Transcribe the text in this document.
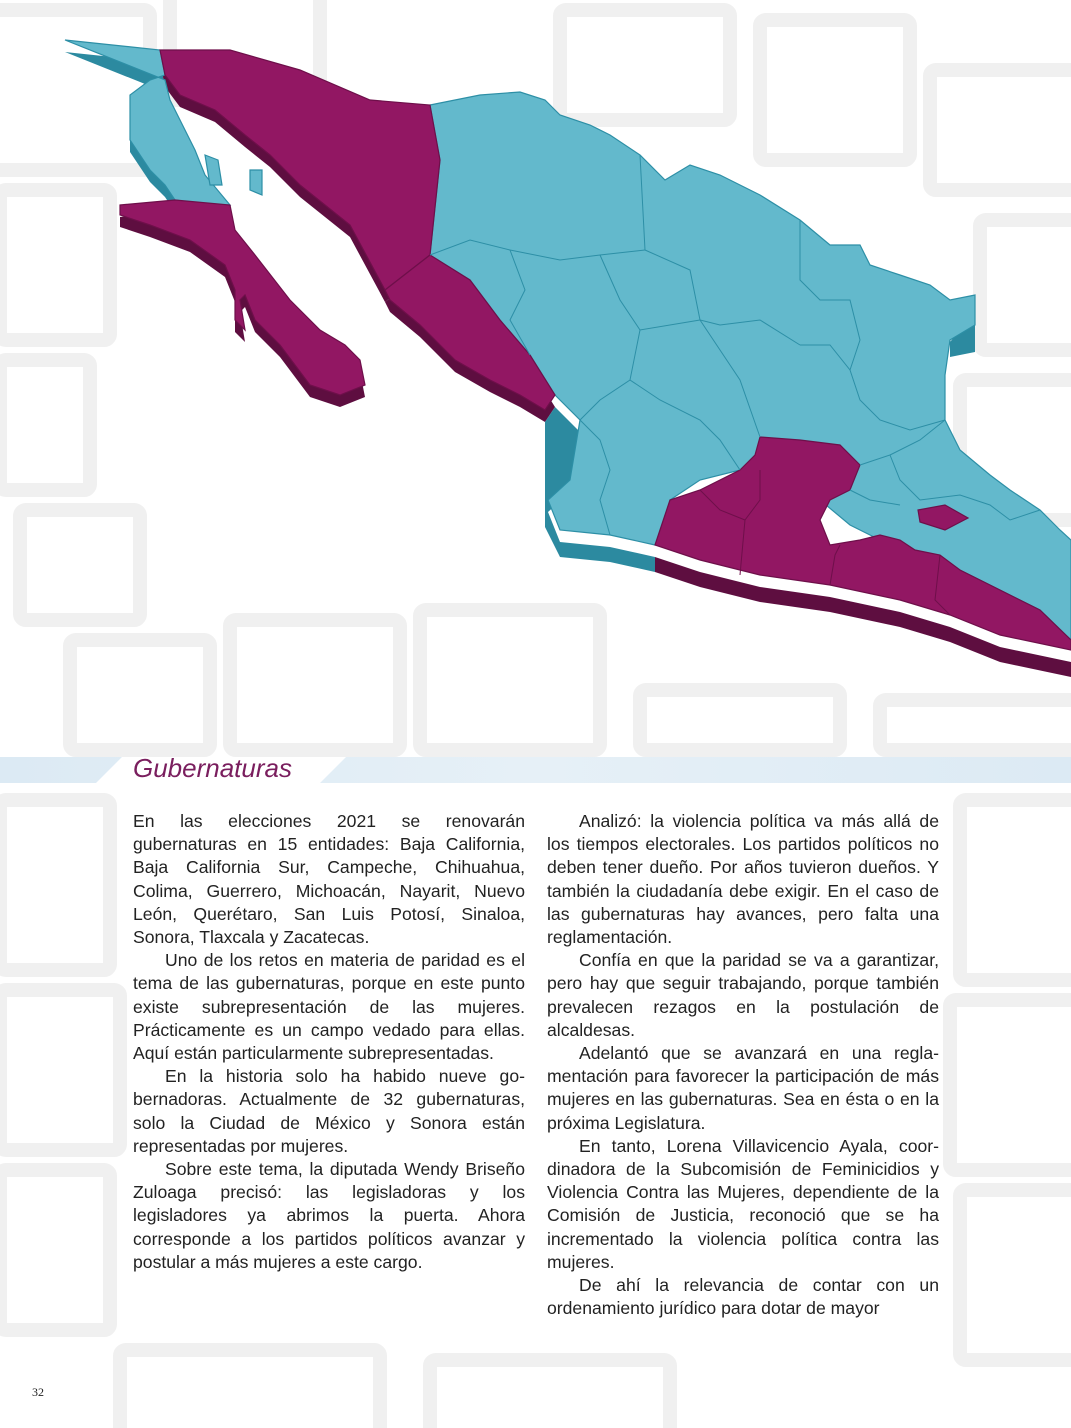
Gubernaturas

En las elecciones 2021 se renovarán gubernaturas en 15 entidades: Baja California, Baja California Sur, Campeche, Chihuahua, Colima, Guerrero, Michoacán, Nayarit, Nuevo León, Querétaro, San Luis Potosí, Sinaloa, Sonora, Tlaxcala y Zacatecas.

Uno de los retos en materia de paridad es el tema de las gubernaturas, porque en este punto existe subrepresentación de las mujeres. Prácticamente es un campo vedado para ellas. Aquí están particularmente subrepresentadas.

En la historia solo ha habido nueve gobernadoras. Actualmente de 32 gubernaturas, solo la Ciudad de México y Sonora están representadas por mujeres.

Sobre este tema, la diputada Wendy Briseño Zuloaga precisó: las legisladoras y los legisladores ya abrimos la puerta. Ahora corresponde a los partidos políticos avanzar y postular a más mujeres a este cargo.

Analizó: la violencia política va más allá de los tiempos electorales. Los partidos políticos no deben tener dueño. Por años tuvieron dueños. Y también la ciudadanía debe exigir. En el caso de las gubernaturas hay avances, pero falta una reglamentación.

Confía en que la paridad se va a garantizar, pero hay que seguir trabajando, porque también prevalecen rezagos en la postulación de alcaldesas.

Adelantó que se avanzará en una reglamentación para favorecer la participación de más mujeres en las gubernaturas. Sea en ésta o en la próxima Legislatura.

En tanto, Lorena Villavicencio Ayala, coordinadora de la Subcomisión de Feminicidios y Violencia Contra las Mujeres, dependiente de la Comisión de Justicia, reconoció que se ha incrementado la violencia política contra las mujeres.

De ahí la relevancia de contar con un ordenamiento jurídico para dotar de mayor

32
